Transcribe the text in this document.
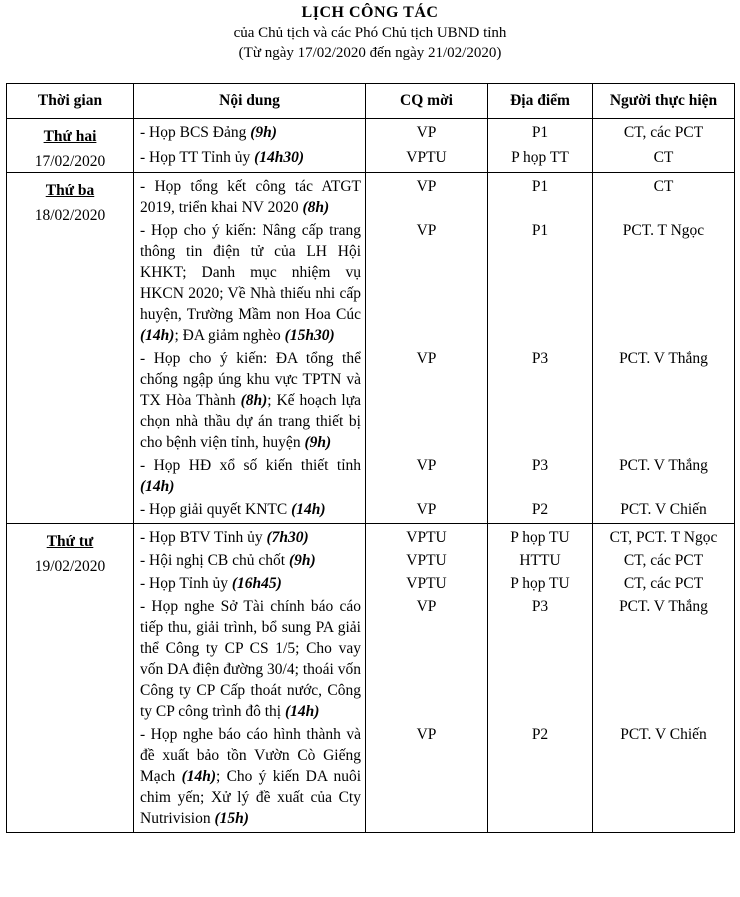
LỊCH CÔNG TÁC
của Chủ tịch và các Phó Chủ tịch UBND tỉnh
(Từ ngày 17/02/2020 đến ngày 21/02/2020)
Thời gian	Nội dung	CQ mời	Địa điểm	Người thực hiện

Thứ hai
17/02/2020	- Họp BCS Đảng (9h)	VP	P1	CT, các PCT

	- Họp TT Tỉnh ủy (14h30)	VPTU	P họp TT	CT

Thứ ba
18/02/2020	- Họp tổng kết công tác ATGT 2019, triển khai NV 2020 (8h)	VP	P1	CT

	- Họp cho ý kiến: Nâng cấp trang thông tin điện tử của LH Hội KHKT; Danh mục nhiệm vụ HKCN 2020; Về Nhà thiếu nhi cấp huyện, Trường Mầm non Hoa Cúc (14h); ĐA giảm nghèo (15h30)	VP	P1	PCT. T Ngọc

	- Họp cho ý kiến: ĐA tổng thể chống ngập úng khu vực TPTN và TX Hòa Thành (8h); Kế hoạch lựa chọn nhà thầu dự án trang thiết bị cho bệnh viện tỉnh, huyện (9h)	VP	P3	PCT. V Thắng

	- Họp HĐ xổ số kiến thiết tỉnh (14h)	VP	P3	PCT. V Thắng

	- Họp giải quyết KNTC (14h)	VP	P2	PCT. V Chiến

Thứ tư
19/02/2020	- Họp BTV Tỉnh ủy (7h30)	VPTU	P họp TU	CT, PCT. T Ngọc

	- Hội nghị CB chủ chốt (9h)	VPTU	HTTU	CT, các PCT

	- Họp Tỉnh ủy (16h45)	VPTU	P họp TU	CT, các PCT

	- Họp nghe Sở Tài chính báo cáo tiếp thu, giải trình, bổ sung PA giải thể Công ty CP CS 1/5; Cho vay vốn DA điện đường 30/4; thoái vốn Công ty CP Cấp thoát nước, Công ty CP công trình đô thị (14h)	VP	P3	PCT. V Thắng

	- Họp nghe báo cáo hình thành và đề xuất bảo tồn Vườn Cò Giếng Mạch (14h); Cho ý kiến DA nuôi chim yến; Xử lý đề xuất của Cty Nutrivision (15h)	VP	P2	PCT. V Chiến
